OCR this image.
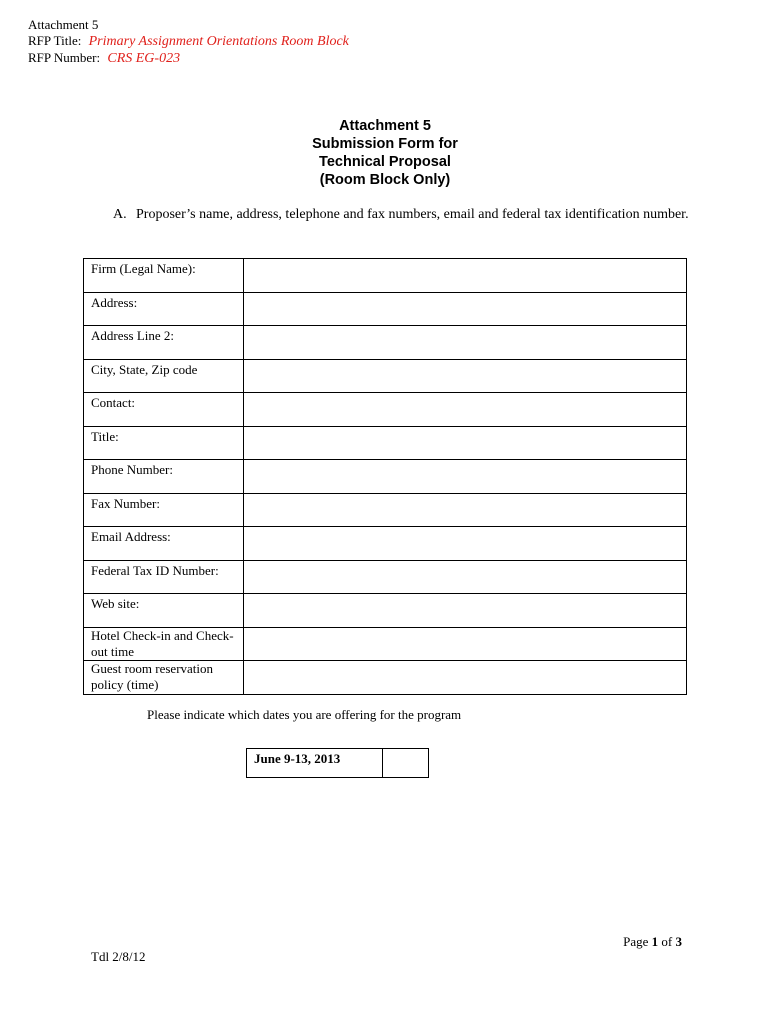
Attachment 5
RFP Title: Primary Assignment Orientations Room Block
RFP Number: CRS EG-023
Attachment 5
Submission Form for
Technical Proposal
(Room Block Only)
A. Proposer’s name, address, telephone and fax numbers, email and federal tax identification number.
Firm (Legal Name):	
Address:	
Address Line 2:	
City, State, Zip code	
Contact:	
Title:	
Phone Number:	
Fax Number:	
Email Address:	
Federal Tax ID Number:	
Web site:	
Hotel Check-in and Check-out time	
Guest room reservation policy (time)	
Please indicate which dates you are offering for the program
June 9-13, 2013	
Page 1 of 3
Tdl 2/8/12
